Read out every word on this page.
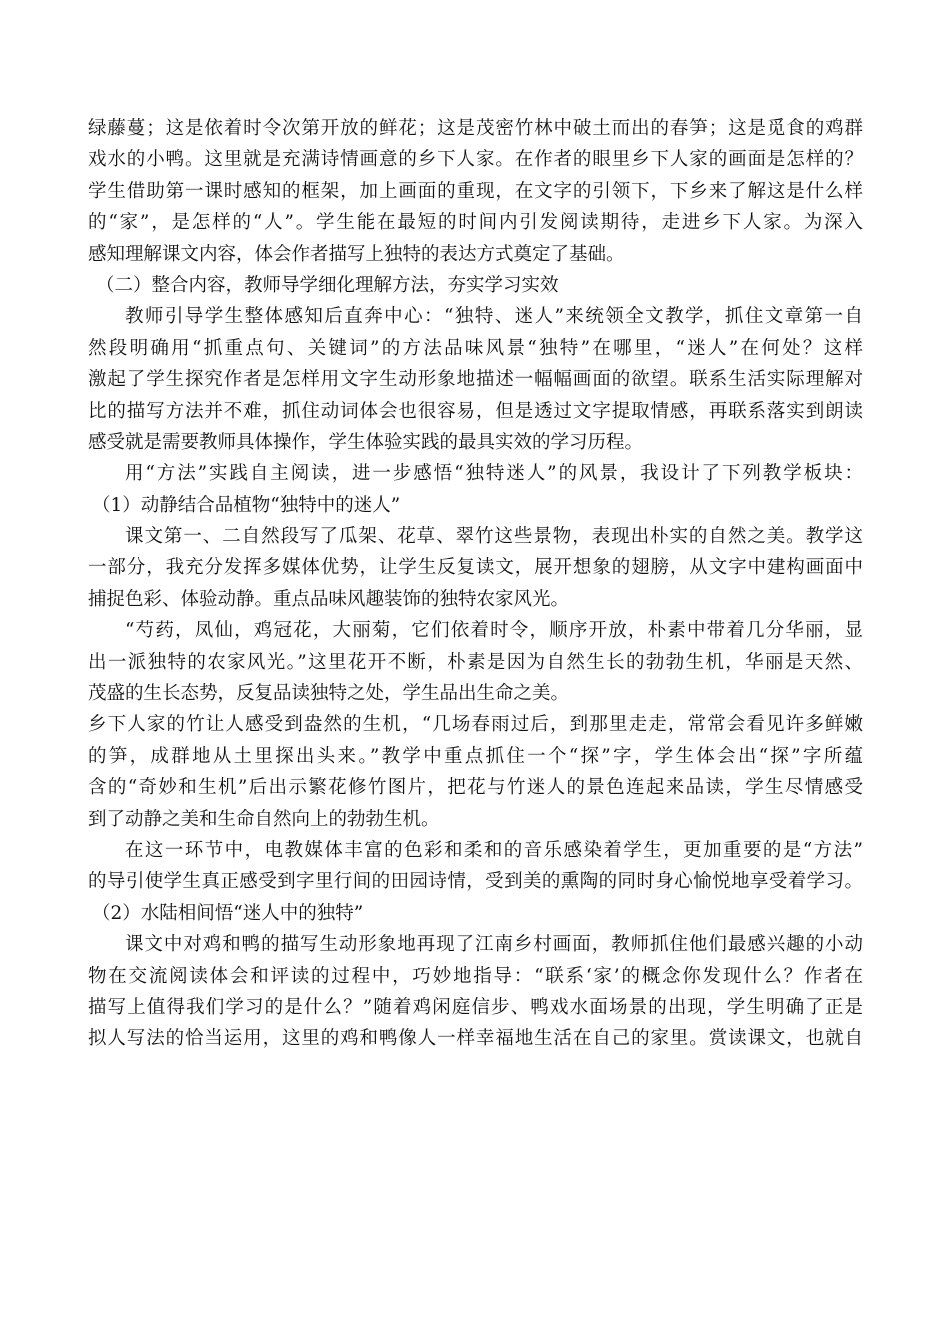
绿藤蔓；这是依着时令次第开放的鲜花；这是茂密竹林中破土而出的春笋；这是觅食的鸡群
戏水的小鸭。这里就是充满诗情画意的乡下人家。在作者的眼里乡下人家的画面是怎样的？
学生借助第一课时感知的框架，加上画面的重现，在文字的引领下，下乡来了解这是什么样
的“家”，是怎样的“人”。学生能在最短的时间内引发阅读期待，走进乡下人家。为深入
感知理解课文内容，体会作者描写上独特的表达方式奠定了基础。
（二）整合内容，教师导学细化理解方法，夯实学习实效
教师引导学生整体感知后直奔中心：“独特、迷人”来统领全文教学，抓住文章第一自
然段明确用“抓重点句、关键词”的方法品味风景“独特”在哪里，“迷人”在何处？这样
激起了学生探究作者是怎样用文字生动形象地描述一幅幅画面的欲望。联系生活实际理解对
比的描写方法并不难，抓住动词体会也很容易，但是透过文字提取情感，再联系落实到朗读
感受就是需要教师具体操作，学生体验实践的最具实效的学习历程。
用“方法”实践自主阅读，进一步感悟“独特迷人”的风景，我设计了下列教学板块：
（1）动静结合品植物“独特中的迷人”
课文第一、二自然段写了瓜架、花草、翠竹这些景物，表现出朴实的自然之美。教学这
一部分，我充分发挥多媒体优势，让学生反复读文，展开想象的翅膀，从文字中建构画面中
捕捉色彩、体验动静。重点品味风趣装饰的独特农家风光。
“芍药，凤仙，鸡冠花，大丽菊，它们依着时令，顺序开放，朴素中带着几分华丽，显
出一派独特的农家风光。”这里花开不断，朴素是因为自然生长的勃勃生机，华丽是天然、
茂盛的生长态势，反复品读独特之处，学生品出生命之美。
乡下人家的竹让人感受到盎然的生机，“几场春雨过后，到那里走走，常常会看见许多鲜嫩
的笋，成群地从土里探出头来。”教学中重点抓住一个“探”字，学生体会出“探”字所蕴
含的“奇妙和生机”后出示繁花修竹图片，把花与竹迷人的景色连起来品读，学生尽情感受
到了动静之美和生命自然向上的勃勃生机。
在这一环节中，电教媒体丰富的色彩和柔和的音乐感染着学生，更加重要的是“方法”
的导引使学生真正感受到字里行间的田园诗情，受到美的熏陶的同时身心愉悦地享受着学习。
（2）水陆相间悟“迷人中的独特”
课文中对鸡和鸭的描写生动形象地再现了江南乡村画面，教师抓住他们最感兴趣的小动
物在交流阅读体会和评读的过程中，巧妙地指导：“联系‘家’的概念你发现什么？作者在
描写上值得我们学习的是什么？”随着鸡闲庭信步、鸭戏水面场景的出现，学生明确了正是
拟人写法的恰当运用，这里的鸡和鸭像人一样幸福地生活在自己的家里。赏读课文，也就自
